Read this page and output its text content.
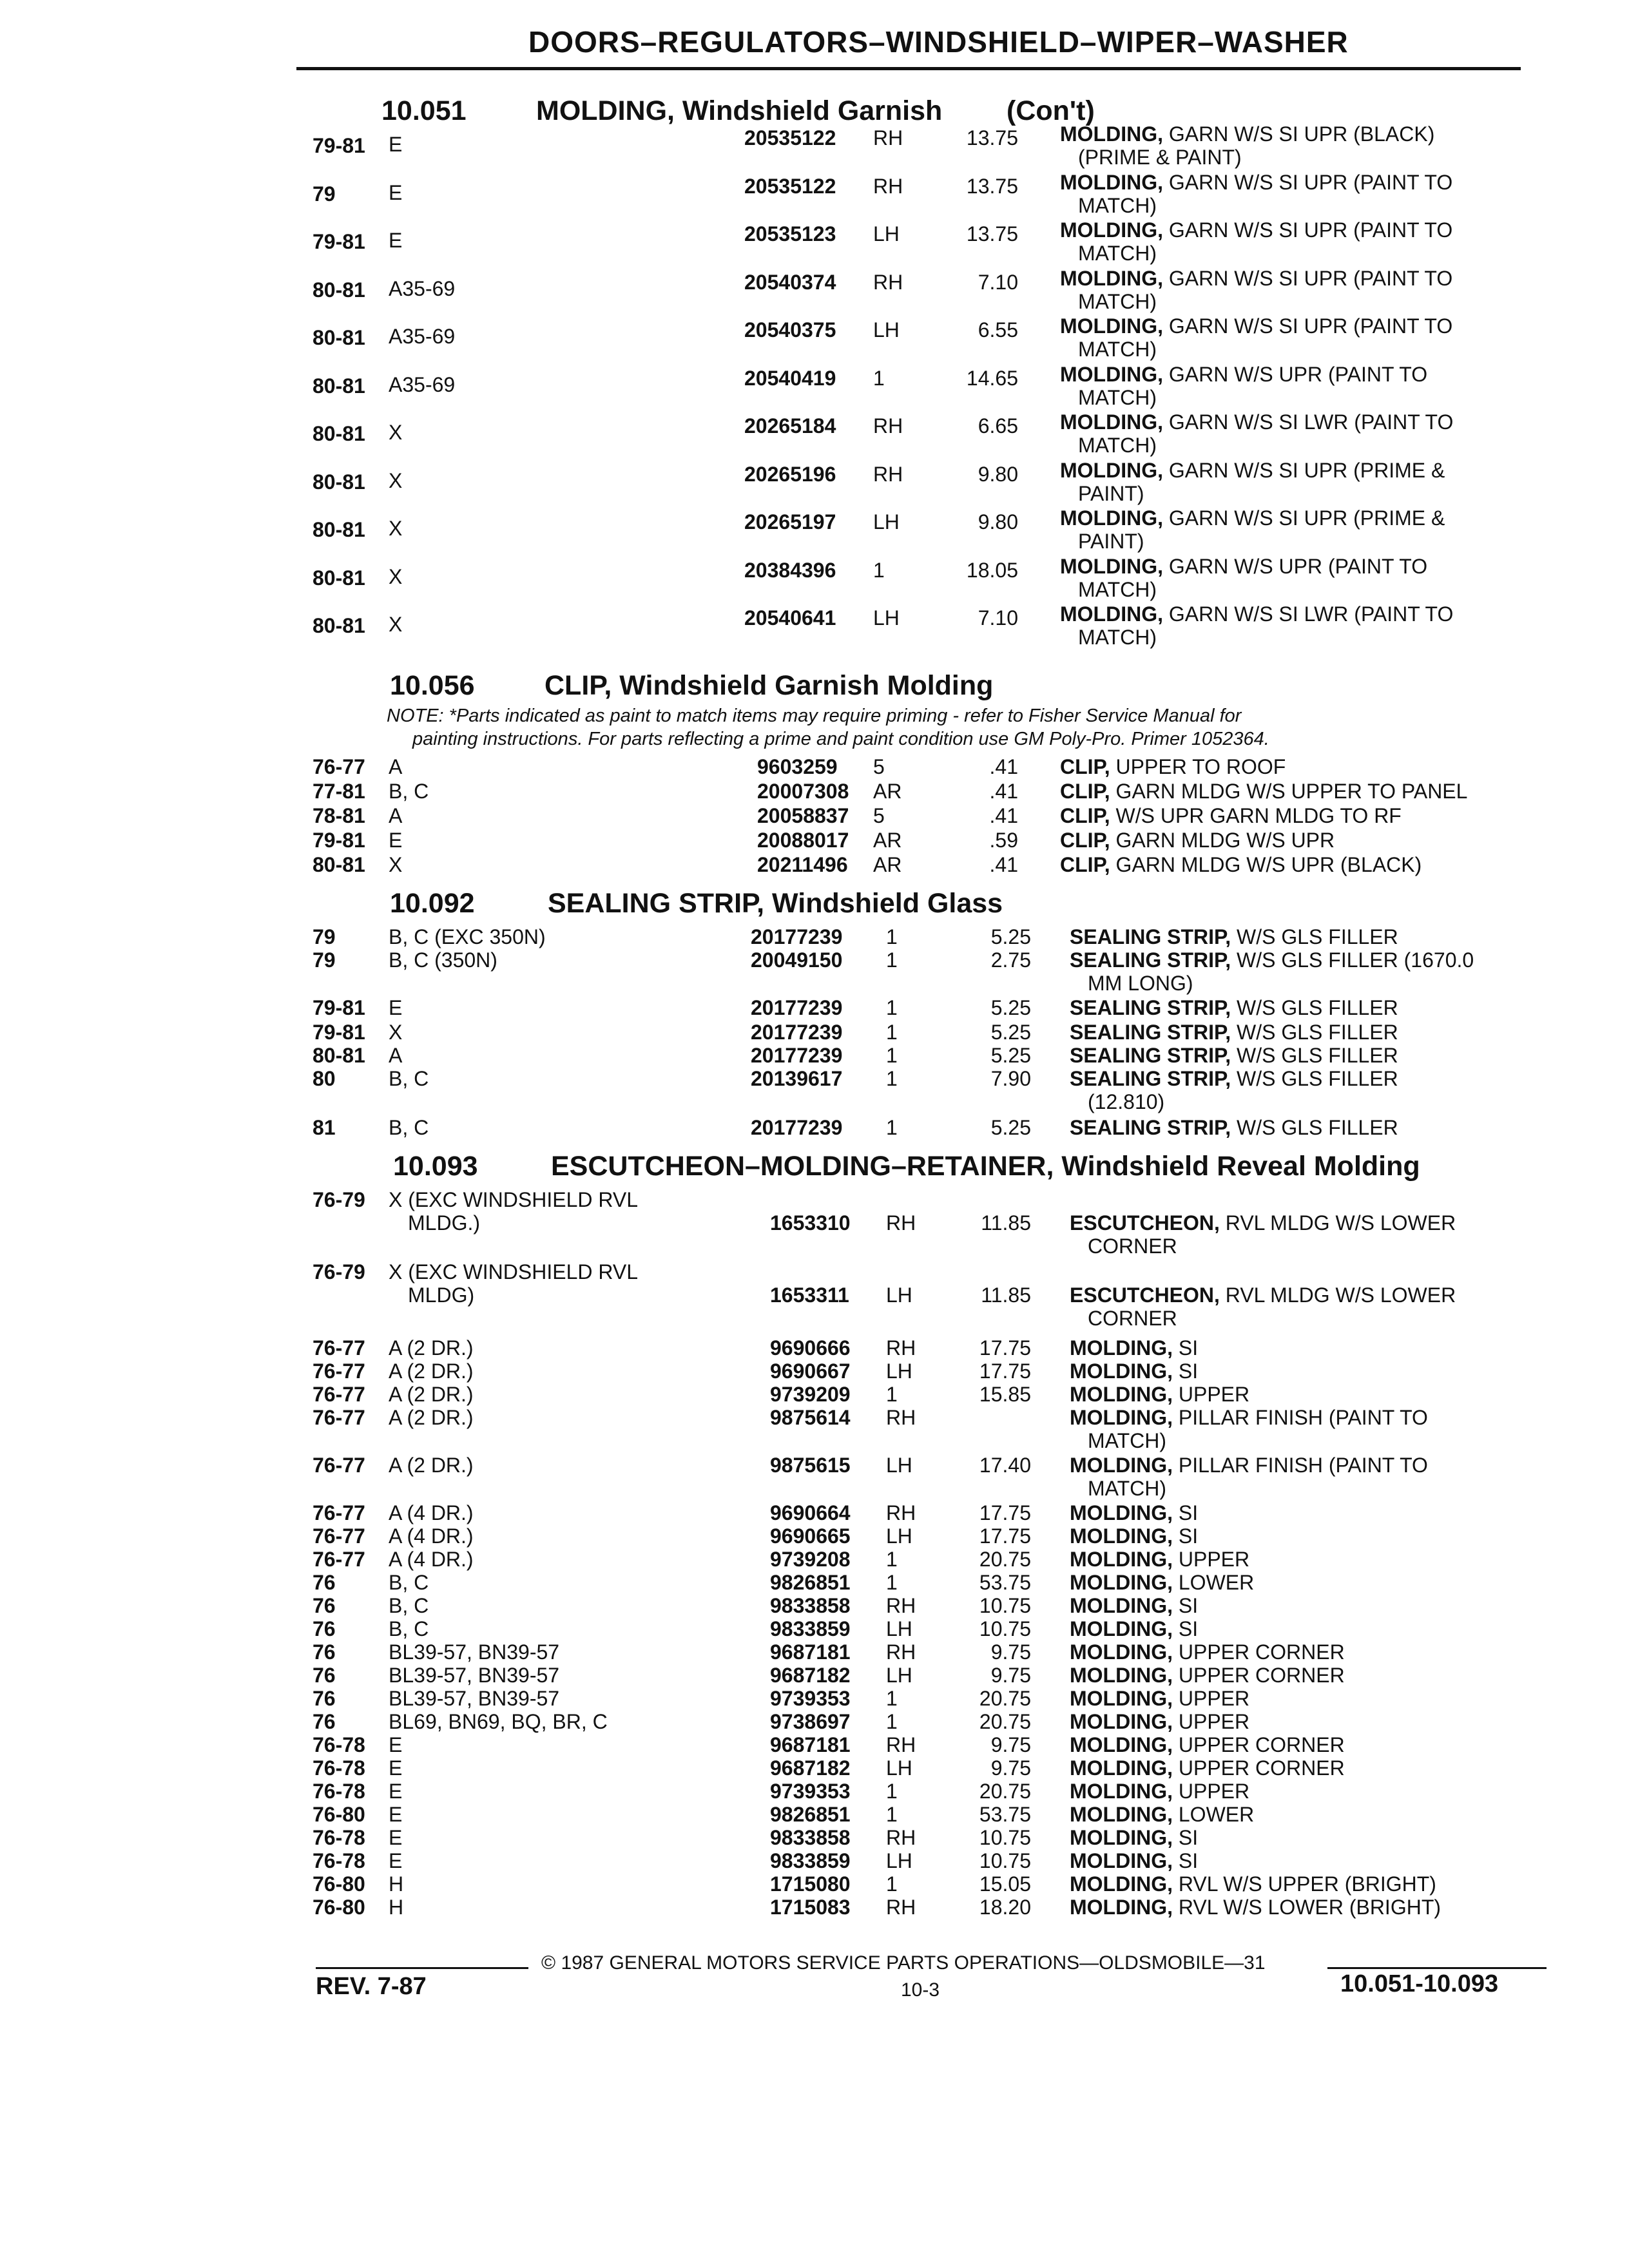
DOORS–REGULATORS–WINDSHIELD–WIPER–WASHER
10.051	MOLDING, Windshield Garnish (Con't)
79-81 E	20535122 RH	13.75 MOLDING, GARN W/S SI UPR (BLACK)
(PRIME & PAINT)
79	E	20535122 RH	13.75 MOLDING, GARN W/S SI UPR (PAINT TO
MATCH)
79-81 E	20535123 LH	13.75 MOLDING, GARN W/S SI UPR (PAINT TO
MATCH)
80-81 A35-69	20540374 RH	7.10 MOLDING, GARN W/S SI UPR (PAINT TO
MATCH)
80-81 A35-69	20540375 LH	6.55 MOLDING, GARN W/S SI UPR (PAINT TO
MATCH)
80-81 A35-69	20540419 1	14.65 MOLDING, GARN W/S UPR (PAINT TO
MATCH)
80-81 X	20265184 RH	6.65 MOLDING, GARN W/S SI LWR (PAINT TO
MATCH)
80-81 X	20265196 RH	9.80 MOLDING, GARN W/S SI UPR (PRIME &
PAINT)
80-81 X	20265197 LH	9.80 MOLDING, GARN W/S SI UPR (PRIME &
PAINT)
80-81 X	20384396 1	18.05 MOLDING, GARN W/S UPR (PAINT TO
MATCH)
80-81 X	20540641 LH	7.10 MOLDING, GARN W/S SI LWR (PAINT TO
MATCH)
10.056	CLIP, Windshield Garnish Molding
NOTE: *Parts indicated as paint to match items may require priming - refer to Fisher Service Manual for
painting instructions. For parts reflecting a prime and paint condition use GM Poly-Pro. Primer 1052364.
76-77 A	9603259 5	.41 CLIP, UPPER TO ROOF
77-81 B, C	20007308 AR	.41 CLIP, GARN MLDG W/S UPPER TO PANEL
78-81 A	20058837 5	.41 CLIP, W/S UPR GARN MLDG TO RF
79-81 E	20088017 AR	.59 CLIP, GARN MLDG W/S UPR
80-81 X	20211496 AR	.41 CLIP, GARN MLDG W/S UPR (BLACK)
10.092	SEALING STRIP, Windshield Glass
79	B, C (EXC 350N)	20177239 1	5.25 SEALING STRIP, W/S GLS FILLER
79	B, C (350N)	20049150 1	2.75 SEALING STRIP, W/S GLS FILLER (1670.0
MM LONG)
79-81 E	20177239 1	5.25 SEALING STRIP, W/S GLS FILLER
79-81 X	20177239 1	5.25 SEALING STRIP, W/S GLS FILLER
80-81 A	20177239 1	5.25 SEALING STRIP, W/S GLS FILLER
80	B, C	20139617 1	7.90 SEALING STRIP, W/S GLS FILLER
(12.810)
81	B, C	20177239 1	5.25 SEALING STRIP, W/S GLS FILLER
10.093	ESCUTCHEON–MOLDING–RETAINER, Windshield Reveal Molding
76-79 X (EXC WINDSHIELD RVL
MLDG.)	1653310 RH	11.85 ESCUTCHEON, RVL MLDG W/S LOWER
CORNER
76-79 X (EXC WINDSHIELD RVL
MLDG)	1653311 LH	11.85 ESCUTCHEON, RVL MLDG W/S LOWER
CORNER
76-77 A (2 DR.)	9690666 RH	17.75 MOLDING, SI
76-77 A (2 DR.)	9690667 LH	17.75 MOLDING, SI
76-77 A (2 DR.)	9739209 1	15.85 MOLDING, UPPER
76-77 A (2 DR.)	9875614 RH	MOLDING, PILLAR FINISH (PAINT TO
MATCH)
76-77 A (2 DR.)	9875615 LH	17.40 MOLDING, PILLAR FINISH (PAINT TO
MATCH)
76-77 A (4 DR.)	9690664 RH	17.75 MOLDING, SI
76-77 A (4 DR.)	9690665 LH	17.75 MOLDING, SI
76-77 A (4 DR.)	9739208 1	20.75 MOLDING, UPPER
76	B, C	9826851 1	53.75 MOLDING, LOWER
76	B, C	9833858 RH	10.75 MOLDING, SI
76	B, C	9833859 LH	10.75 MOLDING, SI
76	BL39-57, BN39-57	9687181 RH	9.75 MOLDING, UPPER CORNER
76	BL39-57, BN39-57	9687182 LH	9.75 MOLDING, UPPER CORNER
76	BL39-57, BN39-57	9739353 1	20.75 MOLDING, UPPER
76	BL69, BN69, BQ, BR, C	9738697 1	20.75 MOLDING, UPPER
76-78 E	9687181 RH	9.75 MOLDING, UPPER CORNER
76-78 E	9687182 LH	9.75 MOLDING, UPPER CORNER
76-78 E	9739353 1	20.75 MOLDING, UPPER
76-80 E	9826851 1	53.75 MOLDING, LOWER
76-78 E	9833858 RH	10.75 MOLDING, SI
76-78 E	9833859 LH	10.75 MOLDING, SI
76-80 H	1715080 1	15.05 MOLDING, RVL W/S UPPER (BRIGHT)
76-80 H	1715083 RH	18.20 MOLDING, RVL W/S LOWER (BRIGHT)
© 1987 GENERAL MOTORS SERVICE PARTS OPERATIONS—OLDSMOBILE—31
REV. 7-87	10-3	10.051-10.093
